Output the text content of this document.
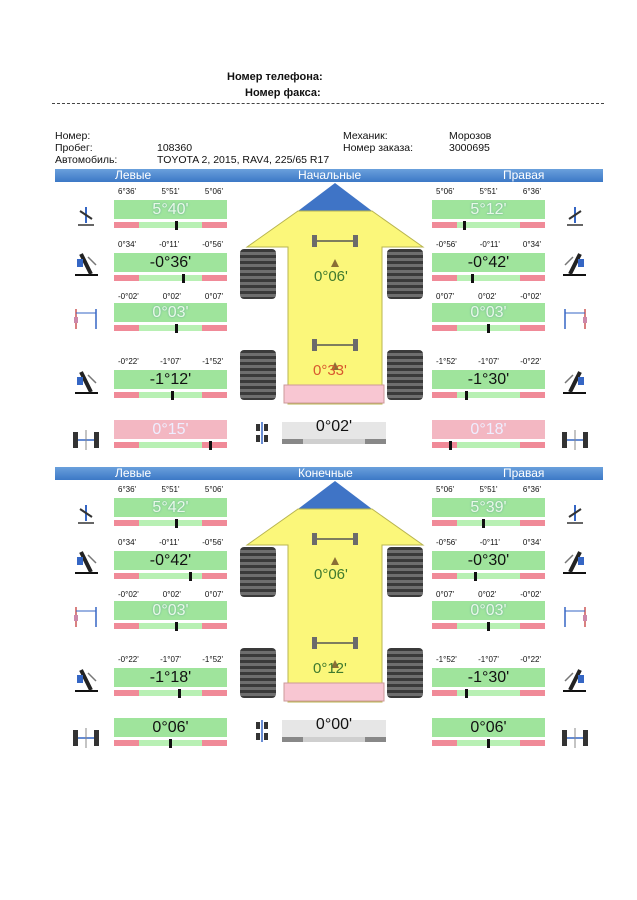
Номер телефона:
Номер факса:
Номер:
Пробег:	108360
Автомобиль:	TOYOTA 2, 2015, RAV4, 225/65 R17
Механик:	Морозов
Номер заказа:	3000695
Левые	Начальные	Правая
6°36'	5°51'	5°06'
5°40'
0°34'	-0°11'	-0°56'
-0°36'
-0°02'	0°02'	0°07'
0°03'
-0°22'	-1°07'	-1°52'
-1°12'
0°15'
5°06'	5°51'	6°36'
5°12'
-0°56'	-0°11'	0°34'
-0°42'
0°07'	0°02'	-0°02'
0°03'
-1°52'	-1°07'	-0°22'
-1°30'
0°18'
0°06'
0°33'
0°02'
Левые	Конечные	Правая
6°36'	5°51'	5°06'
5°42'
0°34'	-0°11'	-0°56'
-0°42'
-0°02'	0°02'	0°07'
0°03'
-0°22'	-1°07'	-1°52'
-1°18'
0°06'
5°06'	5°51'	6°36'
5°39'
-0°56'	-0°11'	0°34'
-0°30'
0°07'	0°02'	-0°02'
0°03'
-1°52'	-1°07'	-0°22'
-1°30'
0°06'
0°06'
0°12'
0°00'
